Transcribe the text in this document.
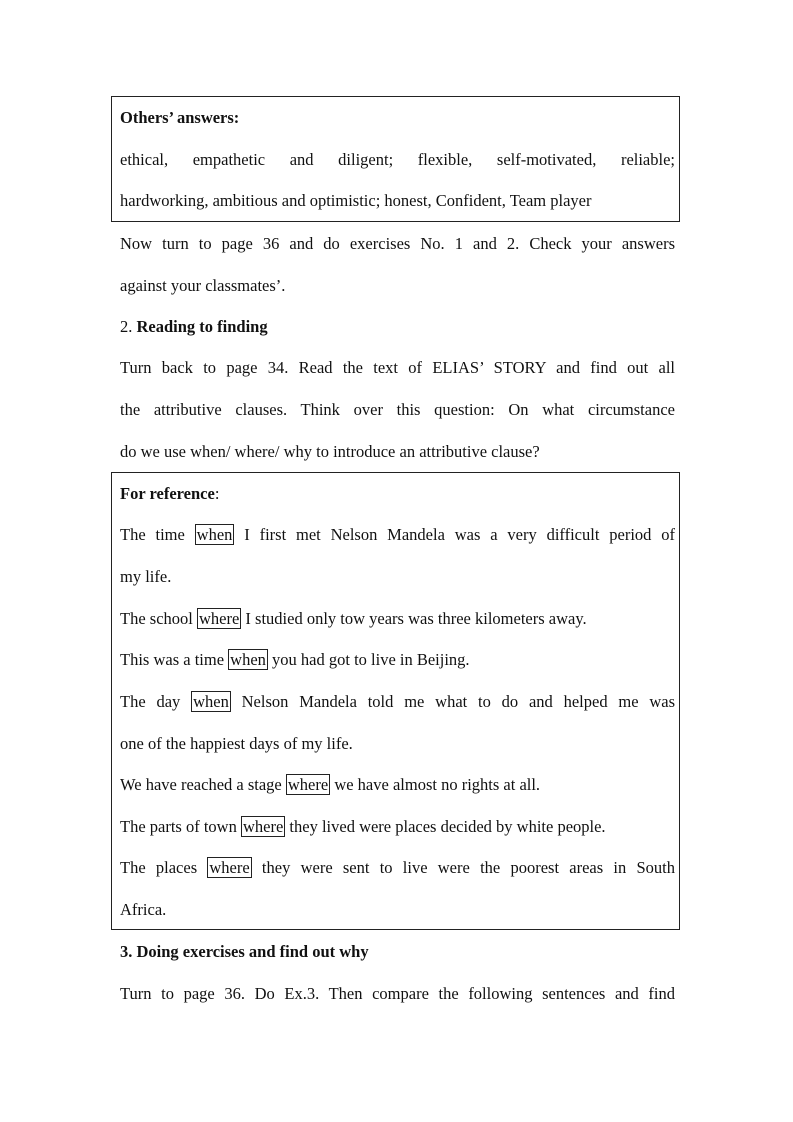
Others’ answers:
ethical, empathetic and diligent; flexible, self-motivated, reliable;
hardworking, ambitious and optimistic; honest, Confident, Team player
Now turn to page 36 and do exercises No. 1 and 2. Check your answers
against your classmates’.
2. Reading to finding
Turn back to page 34. Read the text of ELIAS’ STORY and find out all
the attributive clauses. Think over this question: On what circumstance
do we use when/ where/ why to introduce an attributive clause?
For reference:
The time when I first met Nelson Mandela was a very difficult period of
my life.
The school where I studied only tow years was three kilometers away.
This was a time when you had got to live in Beijing.
The day when Nelson Mandela told me what to do and helped me was
one of the happiest days of my life.
We have reached a stage where we have almost no rights at all.
The parts of town where they lived were places decided by white people.
The places where they were sent to live were the poorest areas in South
Africa.
3. Doing exercises and find out why
Turn to page 36. Do Ex.3. Then compare the following sentences and find
